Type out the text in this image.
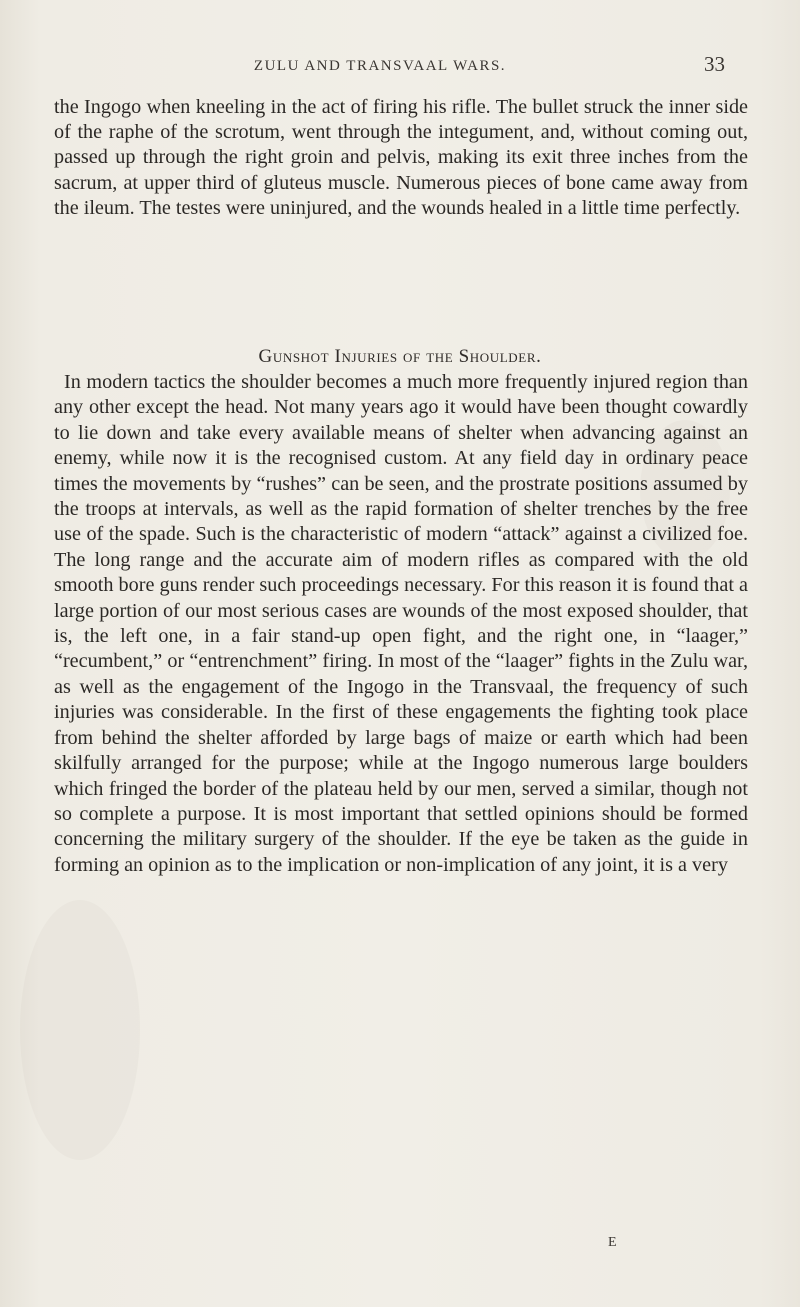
ZULU AND TRANSVAAL WARS.	33

the Ingogo when kneeling in the act of firing his rifle. The bullet struck the inner side of the raphe of the scrotum, went through the integument, and, without coming out, passed up through the right groin and pelvis, making its exit three inches from the sacrum, at upper third of gluteus muscle. Numerous pieces of bone came away from the ileum. The testes were uninjured, and the wounds healed in a little time perfectly.

Gunshot Injuries of the Shoulder.

In modern tactics the shoulder becomes a much more frequently injured region than any other except the head. Not many years ago it would have been thought cowardly to lie down and take every available means of shelter when advancing against an enemy, while now it is the recognised custom. At any field day in ordinary peace times the movements by “rushes” can be seen, and the prostrate positions assumed by the troops at intervals, as well as the rapid formation of shelter trenches by the free use of the spade. Such is the characteristic of modern “attack” against a civilized foe. The long range and the accurate aim of modern rifles as compared with the old smooth bore guns render such proceedings necessary. For this reason it is found that a large portion of our most serious cases are wounds of the most exposed shoulder, that is, the left one, in a fair stand-up open fight, and the right one, in “laager,” “recumbent,” or “entrenchment” firing. In most of the “laager” fights in the Zulu war, as well as the engagement of the Ingogo in the Transvaal, the frequency of such injuries was considerable. In the first of these engagements the fighting took place from behind the shelter afforded by large bags of maize or earth which had been skilfully arranged for the purpose; while at the Ingogo numerous large boulders which fringed the border of the plateau held by our men, served a similar, though not so complete a purpose. It is most important that settled opinions should be formed concerning the military surgery of the shoulder. If the eye be taken as the guide in forming an opinion as to the implication or non-implication of any joint, it is a very

E
